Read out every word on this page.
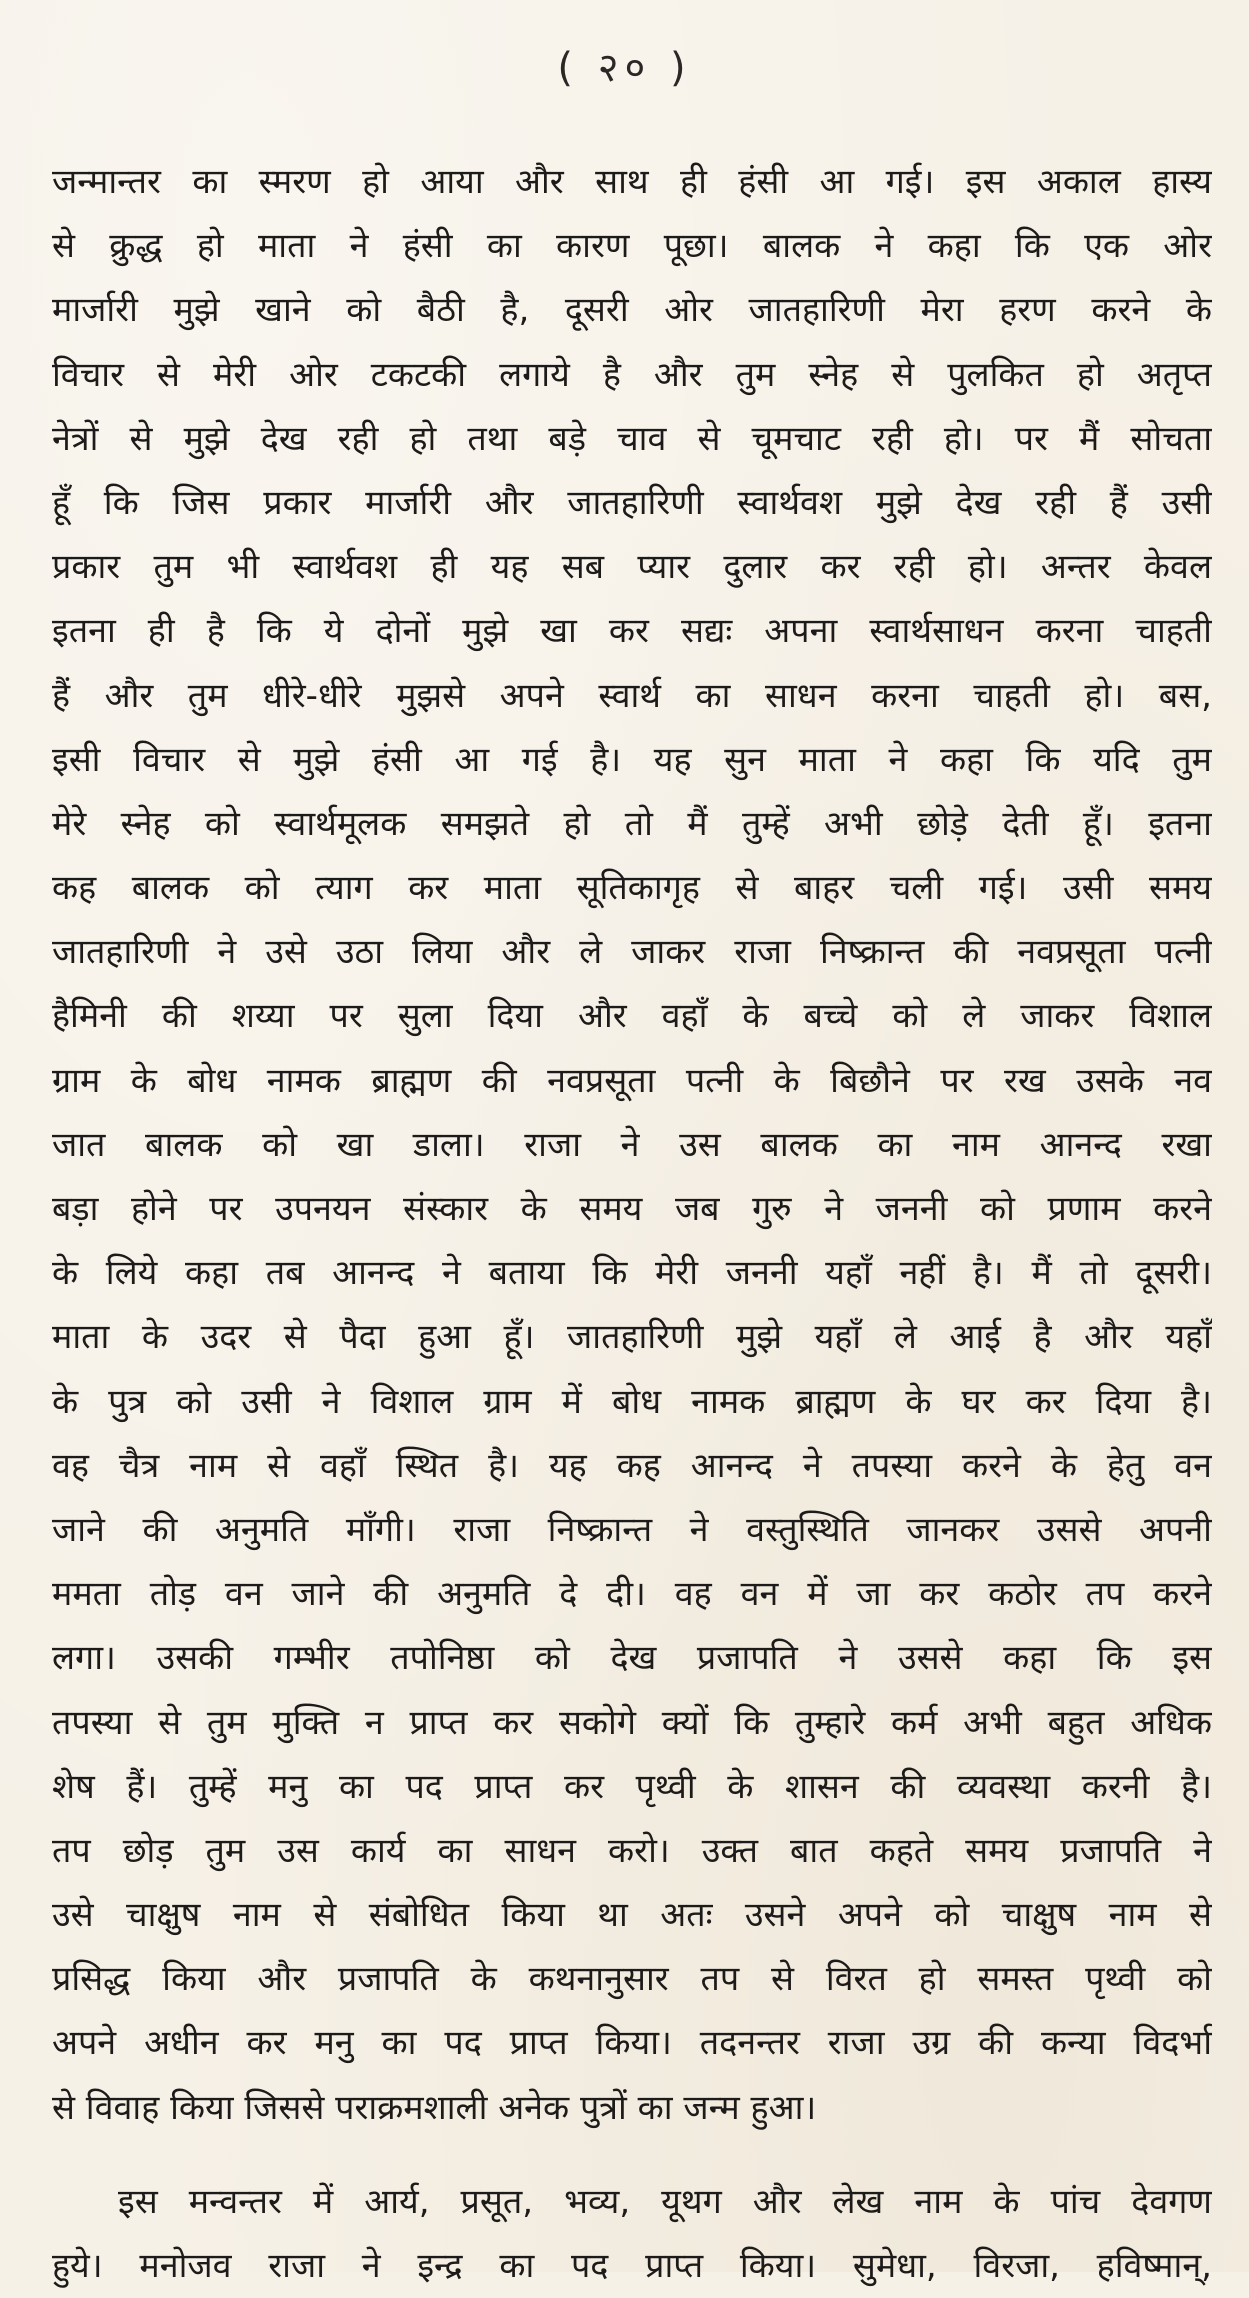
( २० )
जन्मान्तर का स्मरण हो आया और साथ ही हंसी आ गई। इस अकाल हास्य
से क्रुद्ध हो माता ने हंसी का कारण पूछा। बालक ने कहा कि एक ओर
मार्जारी मुझे खाने को बैठी है, दूसरी ओर जातहारिणी मेरा हरण करने के
विचार से मेरी ओर टकटकी लगाये है और तुम स्नेह से पुलकित हो अतृप्त
नेत्रों से मुझे देख रही हो तथा बड़े चाव से चूमचाट रही हो। पर मैं सोचता
हूँ कि जिस प्रकार मार्जारी और जातहारिणी स्वार्थवश मुझे देख रही हैं उसी
प्रकार तुम भी स्वार्थवश ही यह सब प्यार दुलार कर रही हो। अन्तर केवल
इतना ही है कि ये दोनों मुझे खा कर सद्यः अपना स्वार्थसाधन करना चाहती
हैं और तुम धीरे-धीरे मुझसे अपने स्वार्थ का साधन करना चाहती हो। बस,
इसी विचार से मुझे हंसी आ गई है। यह सुन माता ने कहा कि यदि तुम
मेरे स्नेह को स्वार्थमूलक समझते हो तो मैं तुम्हें अभी छोड़े देती हूँ। इतना
कह बालक को त्याग कर माता सूतिकागृह से बाहर चली गई। उसी समय
जातहारिणी ने उसे उठा लिया और ले जाकर राजा निष्क्रान्त की नवप्रसूता पत्नी
हैमिनी की शय्या पर सुला दिया और वहाँ के बच्चे को ले जाकर विशाल
ग्राम के बोध नामक ब्राह्मण की नवप्रसूता पत्नी के बिछौने पर रख उसके नव
जात बालक को खा डाला। राजा ने उस बालक का नाम आनन्द रखा
बड़ा होने पर उपनयन संस्कार के समय जब गुरु ने जननी को प्रणाम करने
के लिये कहा तब आनन्द ने बताया कि मेरी जननी यहाँ नहीं है। मैं तो दूसरी।
माता के उदर से पैदा हुआ हूँ। जातहारिणी मुझे यहाँ ले आई है और यहाँ
के पुत्र को उसी ने विशाल ग्राम में बोध नामक ब्राह्मण के घर कर दिया है।
वह चैत्र नाम से वहाँ स्थित है। यह कह आनन्द ने तपस्या करने के हेतु वन
जाने की अनुमति माँगी। राजा निष्क्रान्त ने वस्तुस्थिति जानकर उससे अपनी
ममता तोड़ वन जाने की अनुमति दे दी। वह वन में जा कर कठोर तप करने
लगा। उसकी गम्भीर तपोनिष्ठा को देख प्रजापति ने उससे कहा कि इस
तपस्या से तुम मुक्ति न प्राप्त कर सकोगे क्यों कि तुम्हारे कर्म अभी बहुत अधिक
शेष हैं। तुम्हें मनु का पद प्राप्त कर पृथ्वी के शासन की व्यवस्था करनी है।
तप छोड़ तुम उस कार्य का साधन करो। उक्त बात कहते समय प्रजापति ने
उसे चाक्षुष नाम से संबोधित किया था अतः उसने अपने को चाक्षुष नाम से
प्रसिद्ध किया और प्रजापति के कथनानुसार तप से विरत हो समस्त पृथ्वी को
अपने अधीन कर मनु का पद प्राप्त किया। तदनन्तर राजा उग्र की कन्या विदर्भा
से विवाह किया जिससे पराक्रमशाली अनेक पुत्रों का जन्म हुआ।
इस मन्वन्तर में आर्य, प्रसूत, भव्य, यूथग और लेख नाम के पांच देवगण
हुये। मनोजव राजा ने इन्द्र का पद प्राप्त किया। सुमेधा, विरजा, हविष्मान्,
